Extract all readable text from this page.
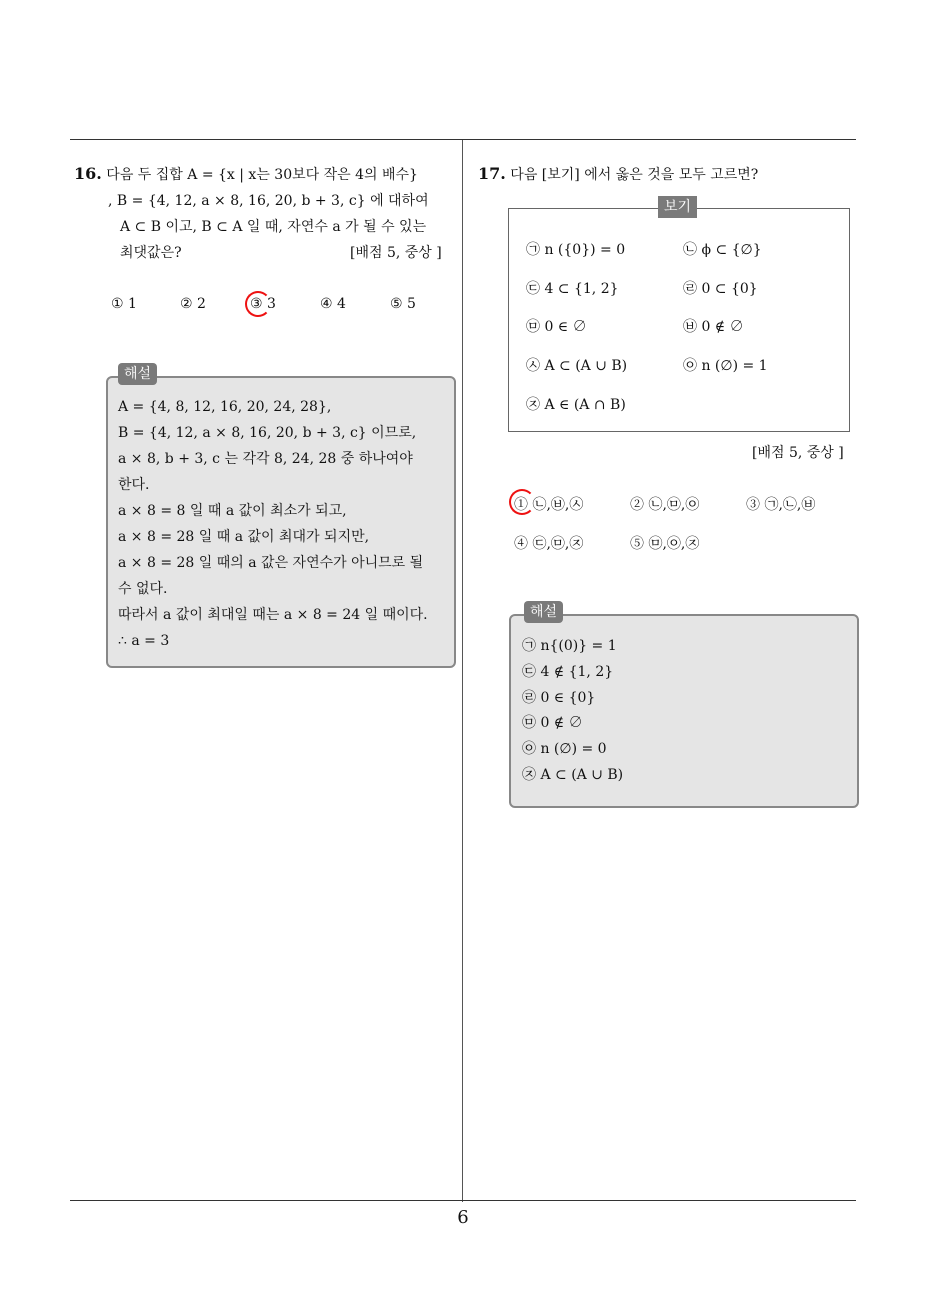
16. 다음 두 집합 A = {x | x는 30보다 작은 4의 배수}
, B = {4, 12, a × 8, 16, 20, b + 3, c} 에 대하여
A ⊂ B 이고, B ⊂ A 일 때, 자연수 a 가 될 수 있는
최댓값은?	[배점 5, 중상 ]
① 1	② 2	③ 3	④ 4	⑤ 5
해설
A = {4, 8, 12, 16, 20, 24, 28},
B = {4, 12, a × 8, 16, 20, b + 3, c} 이므로,
a × 8, b + 3, c 는 각각 8, 24, 28 중 하나여야
한다.
a × 8 = 8 일 때 a 값이 최소가 되고,
a × 8 = 28 일 때 a 값이 최대가 되지만,
a × 8 = 28 일 때의 a 값은 자연수가 아니므로 될
수 없다.
따라서 a 값이 최대일 때는 a × 8 = 24 일 때이다.
∴ a = 3
17. 다음 [보기] 에서 옳은 것을 모두 고르면?
보기
㉠ n ({0}) = 0	㉡ ϕ ⊂ {∅}
㉢ 4 ⊂ {1, 2}	㉣ 0 ⊂ {0}
㉤ 0 ∈ ∅	㉥ 0 ∉ ∅
㉦ A ⊂ (A ∪ B)	㉧ n (∅) = 1
㉨ A ∈ (A ∩ B)
[배점 5, 중상 ]
① ㉡,㉥,㉦	② ㉡,㉤,㉧	③ ㉠,㉡,㉥
④ ㉢,㉤,㉨	⑤ ㉤,㉧,㉨
해설
㉠ n{(0)} = 1
㉢ 4 ∉ {1, 2}
㉣ 0 ∈ {0}
㉤ 0 ∉ ∅
㉧ n (∅) = 0
㉨ A ⊂ (A ∪ B)
6
